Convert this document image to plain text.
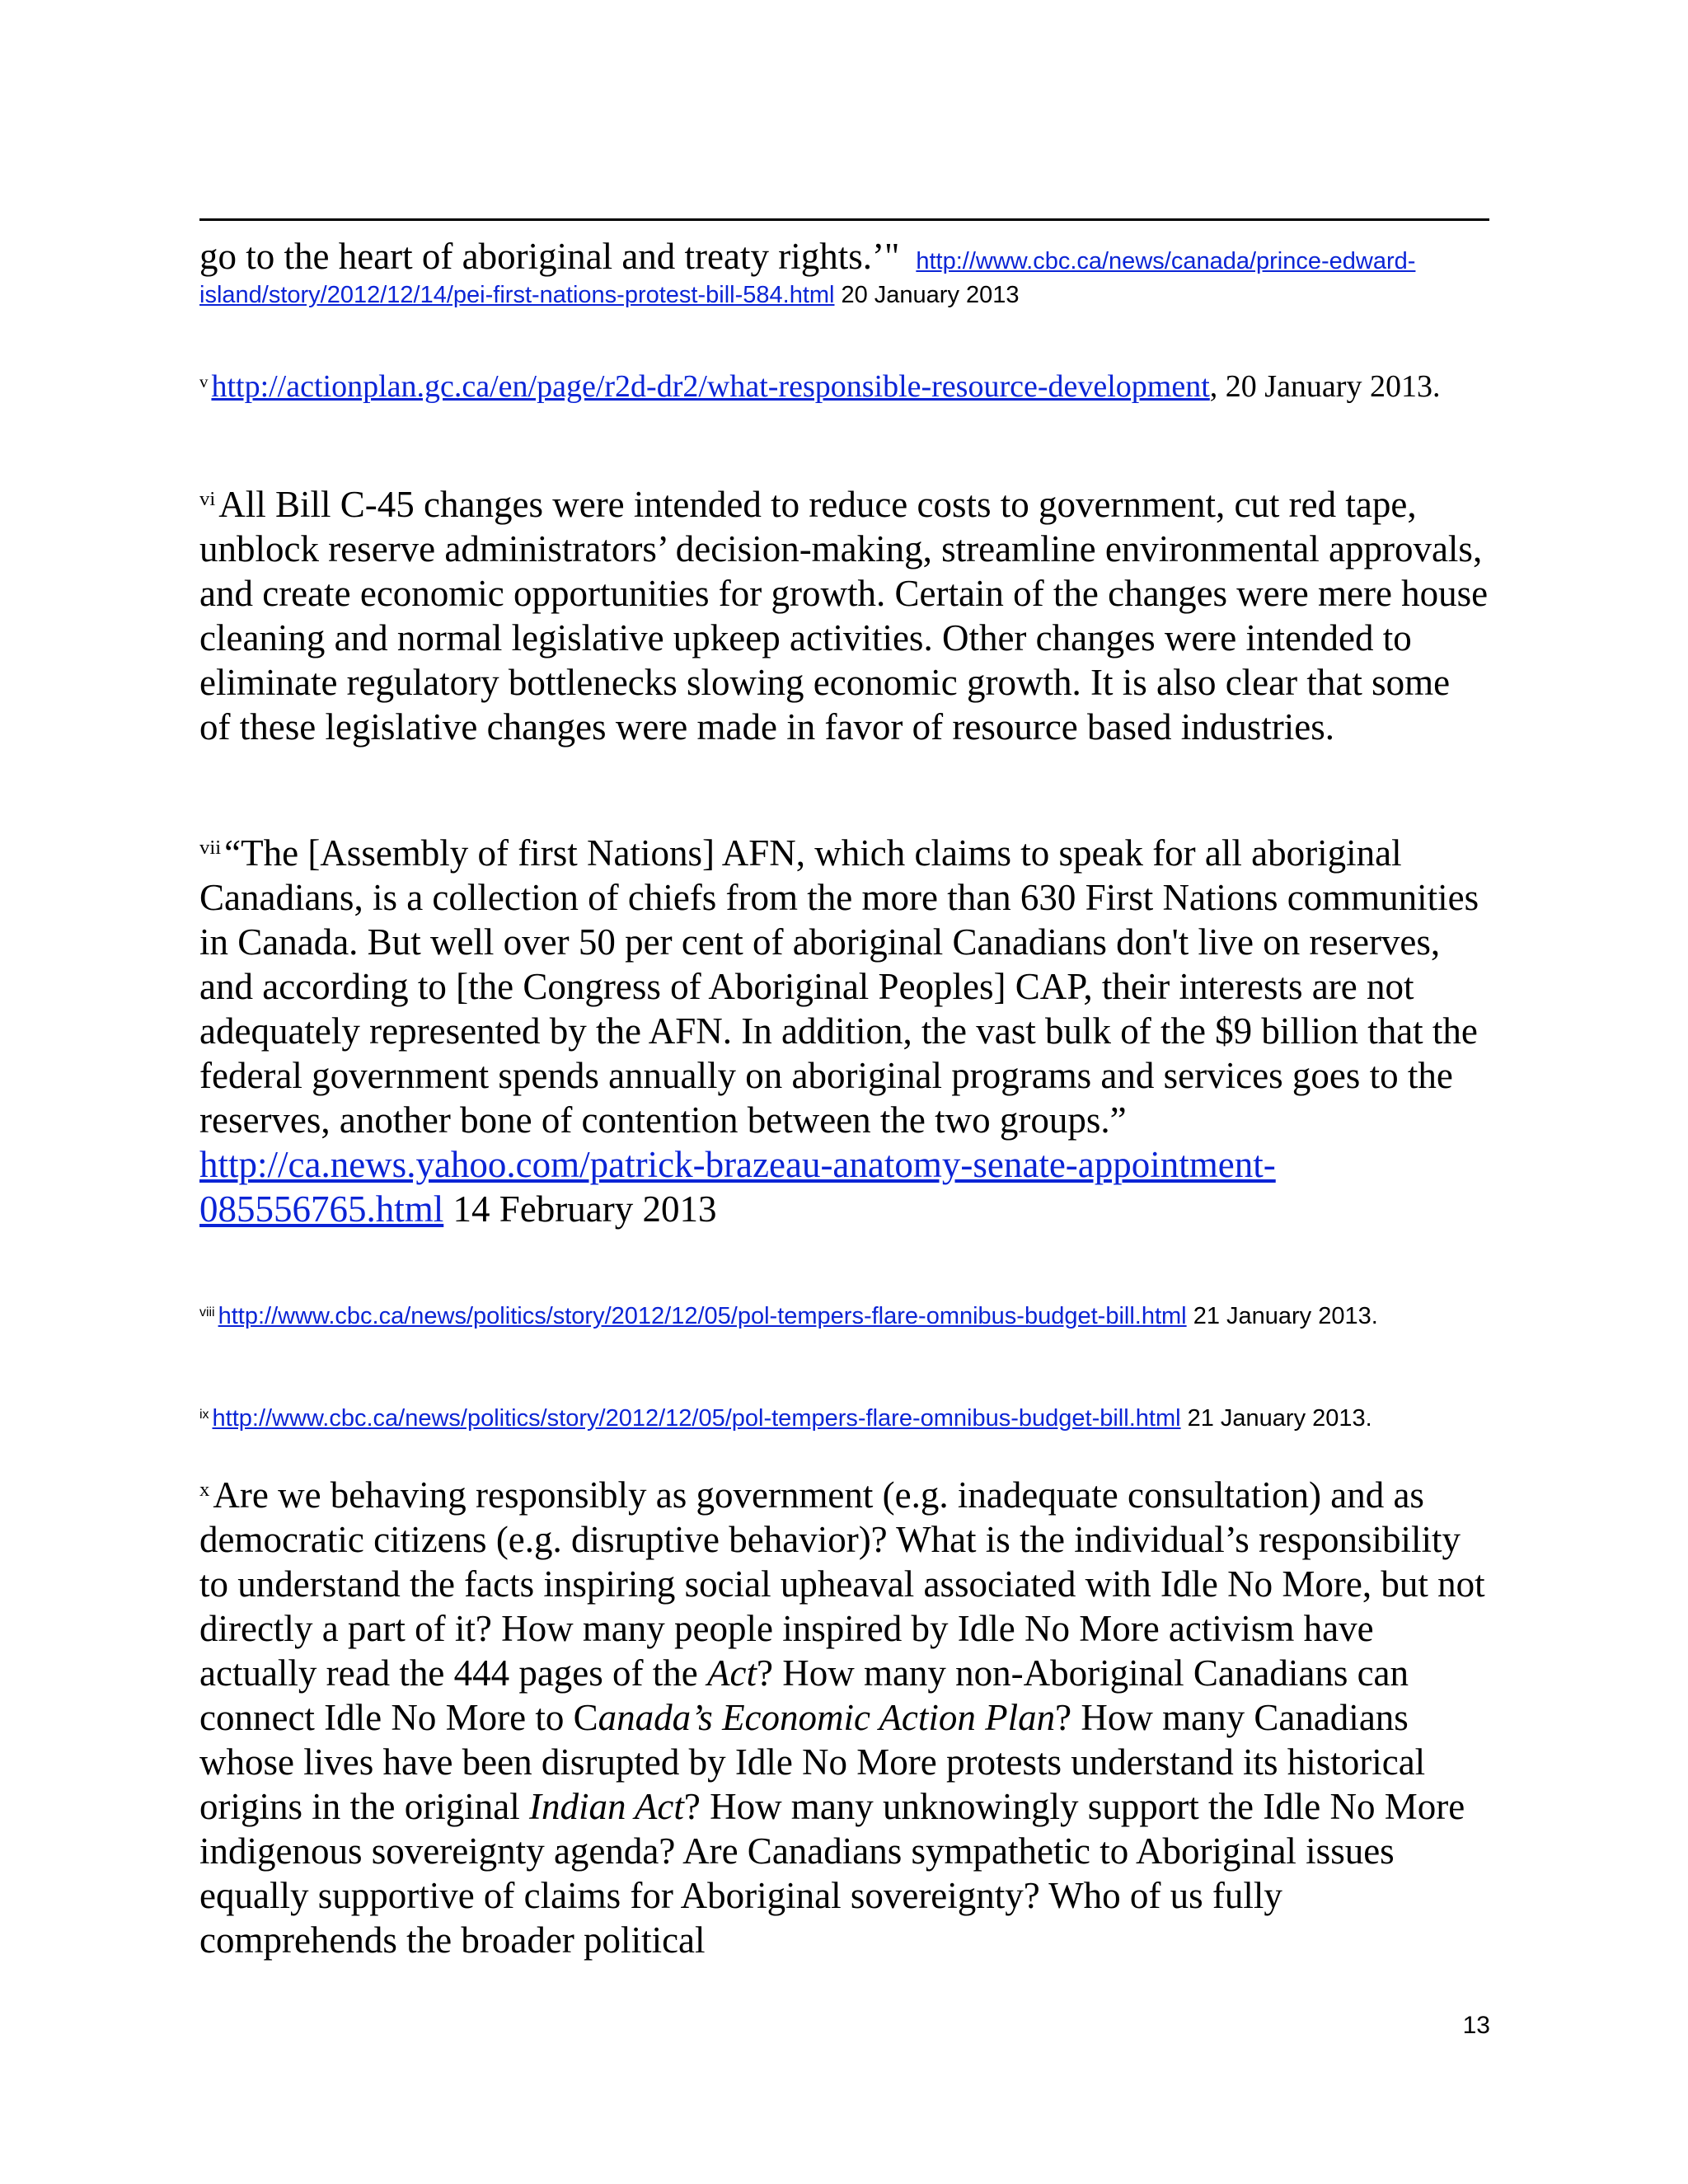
go to the heart of aboriginal and treaty rights.’" http://www.cbc.ca/news/canada/prince-edward-island/story/2012/12/14/pei-first-nations-protest-bill-584.html 20 January 2013

$^v$ http://actionplan.gc.ca/en/page/r2d-dr2/what-responsible-resource-development, 20 January 2013.

$^{vi}$All Bill C-45 changes were intended to reduce costs to government, cut red tape, unblock reserve administrators’ decision-making, streamline environmental approvals, and create economic opportunities for growth. Certain of the changes were mere house cleaning and normal legislative upkeep activities. Other changes were intended to eliminate regulatory bottlenecks slowing economic growth. It is also clear that some of these legislative changes were made in favor of resource based industries.

$^{vii}$“The [Assembly of first Nations] AFN, which claims to speak for all aboriginal Canadians, is a collection of chiefs from the more than 630 First Nations communities in Canada. But well over 50 per cent of aboriginal Canadians don't live on reserves, and according to [the Congress of Aboriginal Peoples] CAP, their interests are not adequately represented by the AFN. In addition, the vast bulk of the $9 billion that the federal government spends annually on aboriginal programs and services goes to the reserves, another bone of contention between the two groups.” http://ca.news.yahoo.com/patrick-brazeau-anatomy-senate-appointment-085556765.html 14 February 2013

$^{viii}$ http://www.cbc.ca/news/politics/story/2012/12/05/pol-tempers-flare-omnibus-budget-bill.html 21 January 2013.

$^{ix}$ http://www.cbc.ca/news/politics/story/2012/12/05/pol-tempers-flare-omnibus-budget-bill.html 21 January 2013.

$^x$Are we behaving responsibly as government (e.g. inadequate consultation) and as democratic citizens (e.g. disruptive behavior)? What is the individual’s responsibility to understand the facts inspiring social upheaval associated with Idle No More, but not directly a part of it? How many people inspired by Idle No More activism have actually read the 444 pages of the Act? How many non-Aboriginal Canadians can connect Idle No More to Canada’s Economic Action Plan? How many Canadians whose lives have been disrupted by Idle No More protests understand its historical origins in the original Indian Act? How many unknowingly support the Idle No More indigenous sovereignty agenda? Are Canadians sympathetic to Aboriginal issues equally supportive of claims for Aboriginal sovereignty? Who of us fully comprehends the broader political

13
